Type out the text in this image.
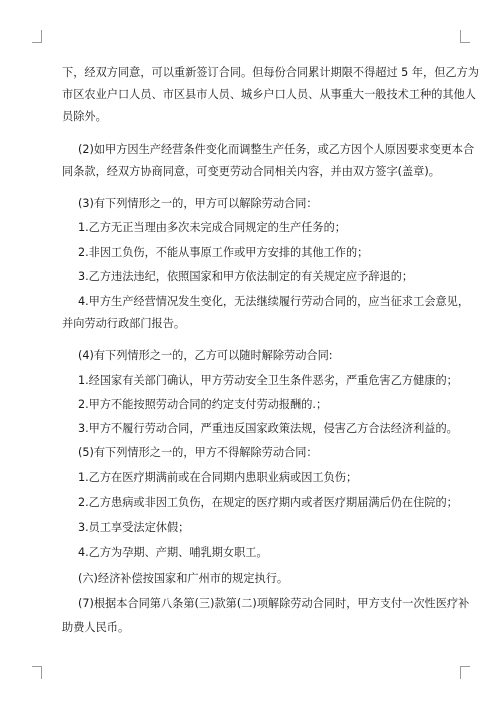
下，经双方同意，可以重新签订合同。但每份合同累计期限不得超过 5 年，但乙方为
市区农业户口人员、市区县市人员、城乡户口人员、从事重大一般技术工种的其他人
员除外。
(2)如甲方因生产经营条件变化而调整生产任务，或乙方因个人原因要求变更本合
同条款，经双方协商同意，可变更劳动合同相关内容，并由双方签字(盖章)。
(3)有下列情形之一的，甲方可以解除劳动合同：
1.乙方无正当理由多次未完成合同规定的生产任务的；
2.非因工负伤，不能从事原工作或甲方安排的其他工作的；
3.乙方违法违纪，依照国家和甲方依法制定的有关规定应予辞退的；
4.甲方生产经营情况发生变化，无法继续履行劳动合同的，应当征求工会意见，
并向劳动行政部门报告。
(4)有下列情形之一的，乙方可以随时解除劳动合同:
1.经国家有关部门确认，甲方劳动安全卫生条件恶劣，严重危害乙方健康的；
2.甲方不能按照劳动合同的约定支付劳动报酬的.；
3.甲方不履行劳动合同，严重违反国家政策法规，侵害乙方合法经济利益的。
(5)有下列情形之一的，甲方不得解除劳动合同：
1.乙方在医疗期满前或在合同期内患职业病或因工负伤；
2.乙方患病或非因工负伤，在规定的医疗期内或者医疗期届满后仍在住院的；
3.员工享受法定休假；
4.乙方为孕期、产期、哺乳期女职工。
(六)经济补偿按国家和广州市的规定执行。
(7)根据本合同第八条第(三)款第(二)项解除劳动合同时，甲方支付一次性医疗补
助费人民币。
